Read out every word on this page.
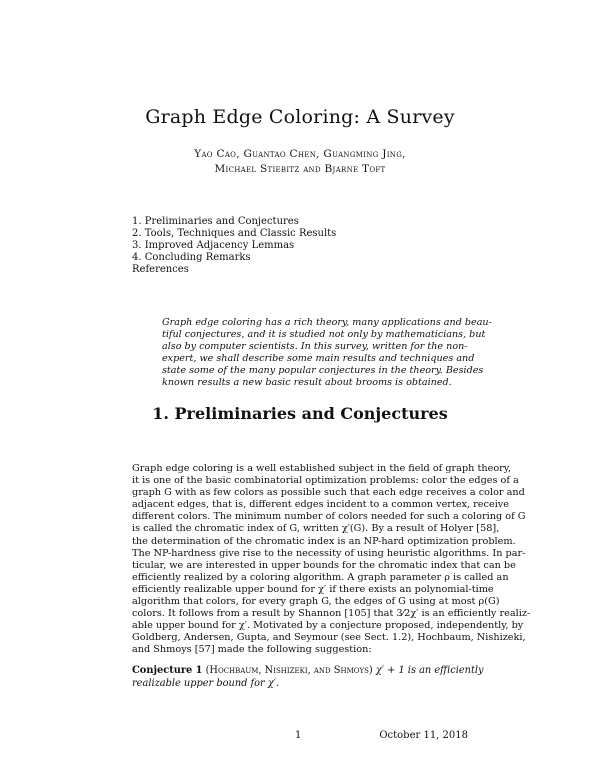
Graph Edge Coloring: A Survey
Yao Cao, Guantao Chen, Guangming Jing,
Michael Stiebitz and Bjarne Toft
1. Preliminaries and Conjectures
2. Tools, Techniques and Classic Results
3. Improved Adjacency Lemmas
4. Concluding Remarks
References
Graph edge coloring has a rich theory, many applications and beau-
tiful conjectures, and it is studied not only by mathematicians, but
also by computer scientists. In this survey, written for the non-
expert, we shall describe some main results and techniques and
state some of the many popular conjectures in the theory. Besides
known results a new basic result about brooms is obtained.
1. Preliminaries and Conjectures
Graph edge coloring is a well established subject in the field of graph theory,
it is one of the basic combinatorial optimization problems: color the edges of a
graph G with as few colors as possible such that each edge receives a color and
adjacent edges, that is, different edges incident to a common vertex, receive
different colors. The minimum number of colors needed for such a coloring of G
is called the chromatic index of G, written χ′(G). By a result of Holyer [58],
the determination of the chromatic index is an NP-hard optimization problem.
The NP-hardness give rise to the necessity of using heuristic algorithms. In par-
ticular, we are interested in upper bounds for the chromatic index that can be
efficiently realized by a coloring algorithm. A graph parameter ρ is called an
efficiently realizable upper bound for χ′ if there exists an polynomial-time
algorithm that colors, for every graph G, the edges of G using at most ρ(G)
colors. It follows from a result by Shannon [105] that 3⁄2χ′ is an efficiently realiz-
able upper bound for χ′. Motivated by a conjecture proposed, independently, by
Goldberg, Andersen, Gupta, and Seymour (see Sect. 1.2), Hochbaum, Nishizeki,
and Shmoys [57] made the following suggestion:
Conjecture 1 (Hochbaum, Nishizeki, and Shmoys) χ′ + 1 is an efficiently
realizable upper bound for χ′.
1	October 11, 2018
